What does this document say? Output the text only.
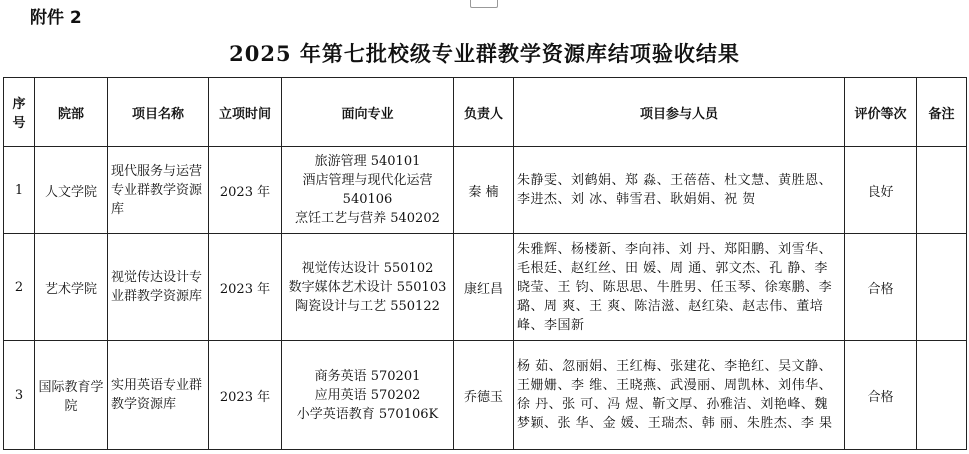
附件 2
2025 年第七批校级专业群教学资源库结项验收结果
序号	院部	项目名称	立项时间	面向专业	负责人	项目参与人员	评价等次	备注
1	人文学院	现代服务与运营专业群教学资源库	2023 年	旅游管理 540101
酒店管理与现代化运营 540106
烹饪工艺与营养 540202	秦 楠	朱静雯、刘鹤娟、郑 淼、王蓓蓓、杜文慧、黄胜恩、李进杰、刘 冰、韩雪君、耿娟娟、祝 贺	良好	
2	艺术学院	视觉传达设计专业群教学资源库	2023 年	视觉传达设计 550102
数字媒体艺术设计 550103
陶瓷设计与工艺 550122	康红昌	朱雅辉、杨楼新、李向祎、刘 丹、郑阳鹏、刘雪华、毛根廷、赵红丝、田 媛、周 通、郭文杰、孔 静、李晓莹、王 钧、陈思思、牛胜男、任玉琴、徐寒鹏、李 璐、周 爽、王 爽、陈洁滋、赵红染、赵志伟、董培峰、李国新	合格	
3	国际教育学院	实用英语专业群教学资源库	2023 年	商务英语 570201
应用英语 570202
小学英语教育 570106K	乔德玉	杨 茹、忽丽娟、王红梅、张建花、李艳红、吴文静、王姗姗、李 维、王晓燕、武漫丽、周凯林、刘伟华、徐 丹、张 可、冯 煜、靳文厚、孙雅洁、刘艳峰、魏梦颖、张 华、金 媛、王瑞杰、韩 丽、朱胜杰、李 果	合格	
